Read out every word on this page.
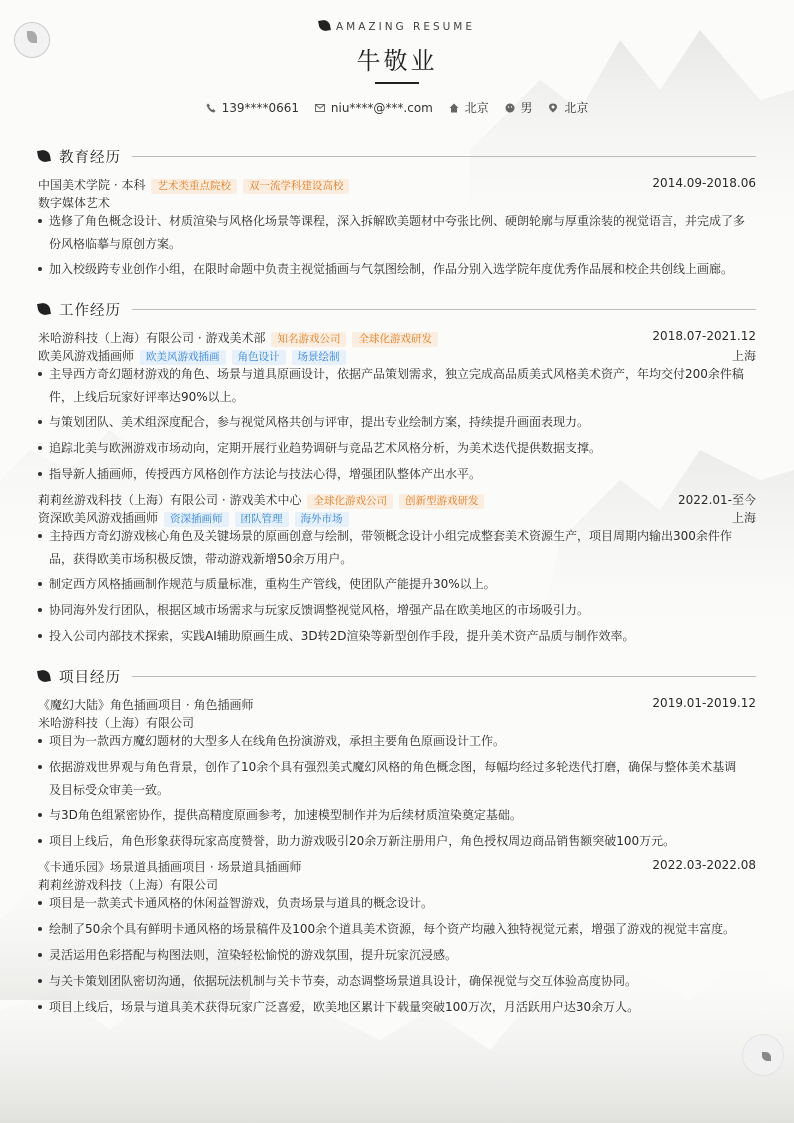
AMAZING RESUME
牛敬业
139****0661	niu****@***.com	北京	男	北京
教育经历
中国美术学院 · 本科 艺术类重点院校 双一流学科建设高校	2014.09-2018.06
数字媒体艺术
选修了角色概念设计、材质渲染与风格化场景等课程，深入拆解欧美题材中夸张比例、硬朗轮廓与厚重涂装的视觉语言，并完成了多份风格临摹与原创方案。
加入校级跨专业创作小组，在限时命题中负责主视觉插画与气氛图绘制，作品分别入选学院年度优秀作品展和校企共创线上画廊。
工作经历
米哈游科技（上海）有限公司 · 游戏美术部 知名游戏公司 全球化游戏研发	2018.07-2021.12
欧美风游戏插画师 欧美风游戏插画 角色设计 场景绘制	上海
主导西方奇幻题材游戏的角色、场景与道具原画设计，依据产品策划需求，独立完成高品质美式风格美术资产，年均交付200余件稿件，上线后玩家好评率达90%以上。
与策划团队、美术组深度配合，参与视觉风格共创与评审，提出专业绘制方案，持续提升画面表现力。
追踪北美与欧洲游戏市场动向，定期开展行业趋势调研与竞品艺术风格分析，为美术迭代提供数据支撑。
指导新人插画师，传授西方风格创作方法论与技法心得，增强团队整体产出水平。
莉莉丝游戏科技（上海）有限公司 · 游戏美术中心 全球化游戏公司 创新型游戏研发	2022.01-至今
资深欧美风游戏插画师 资深插画师 团队管理 海外市场	上海
主持西方奇幻游戏核心角色及关键场景的原画创意与绘制，带领概念设计小组完成整套美术资源生产，项目周期内输出300余件作品，获得欧美市场积极反馈，带动游戏新增50余万用户。
制定西方风格插画制作规范与质量标准，重构生产管线，使团队产能提升30%以上。
协同海外发行团队，根据区域市场需求与玩家反馈调整视觉风格，增强产品在欧美地区的市场吸引力。
投入公司内部技术探索，实践AI辅助原画生成、3D转2D渲染等新型创作手段，提升美术资产品质与制作效率。
项目经历
《魔幻大陆》角色插画项目 · 角色插画师	2019.01-2019.12
米哈游科技（上海）有限公司
项目为一款西方魔幻题材的大型多人在线角色扮演游戏，承担主要角色原画设计工作。
依据游戏世界观与角色背景，创作了10余个具有强烈美式魔幻风格的角色概念图，每幅均经过多轮迭代打磨，确保与整体美术基调及目标受众审美一致。
与3D角色组紧密协作，提供高精度原画参考，加速模型制作并为后续材质渲染奠定基础。
项目上线后，角色形象获得玩家高度赞誉，助力游戏吸引20余万新注册用户，角色授权周边商品销售额突破100万元。
《卡通乐园》场景道具插画项目 · 场景道具插画师	2022.03-2022.08
莉莉丝游戏科技（上海）有限公司
项目是一款美式卡通风格的休闲益智游戏，负责场景与道具的概念设计。
绘制了50余个具有鲜明卡通风格的场景稿件及100余个道具美术资源，每个资产均融入独特视觉元素，增强了游戏的视觉丰富度。
灵活运用色彩搭配与构图法则，渲染轻松愉悦的游戏氛围，提升玩家沉浸感。
与关卡策划团队密切沟通，依据玩法机制与关卡节奏，动态调整场景道具设计，确保视觉与交互体验高度协同。
项目上线后，场景与道具美术获得玩家广泛喜爱，欧美地区累计下载量突破100万次，月活跃用户达30余万人。
